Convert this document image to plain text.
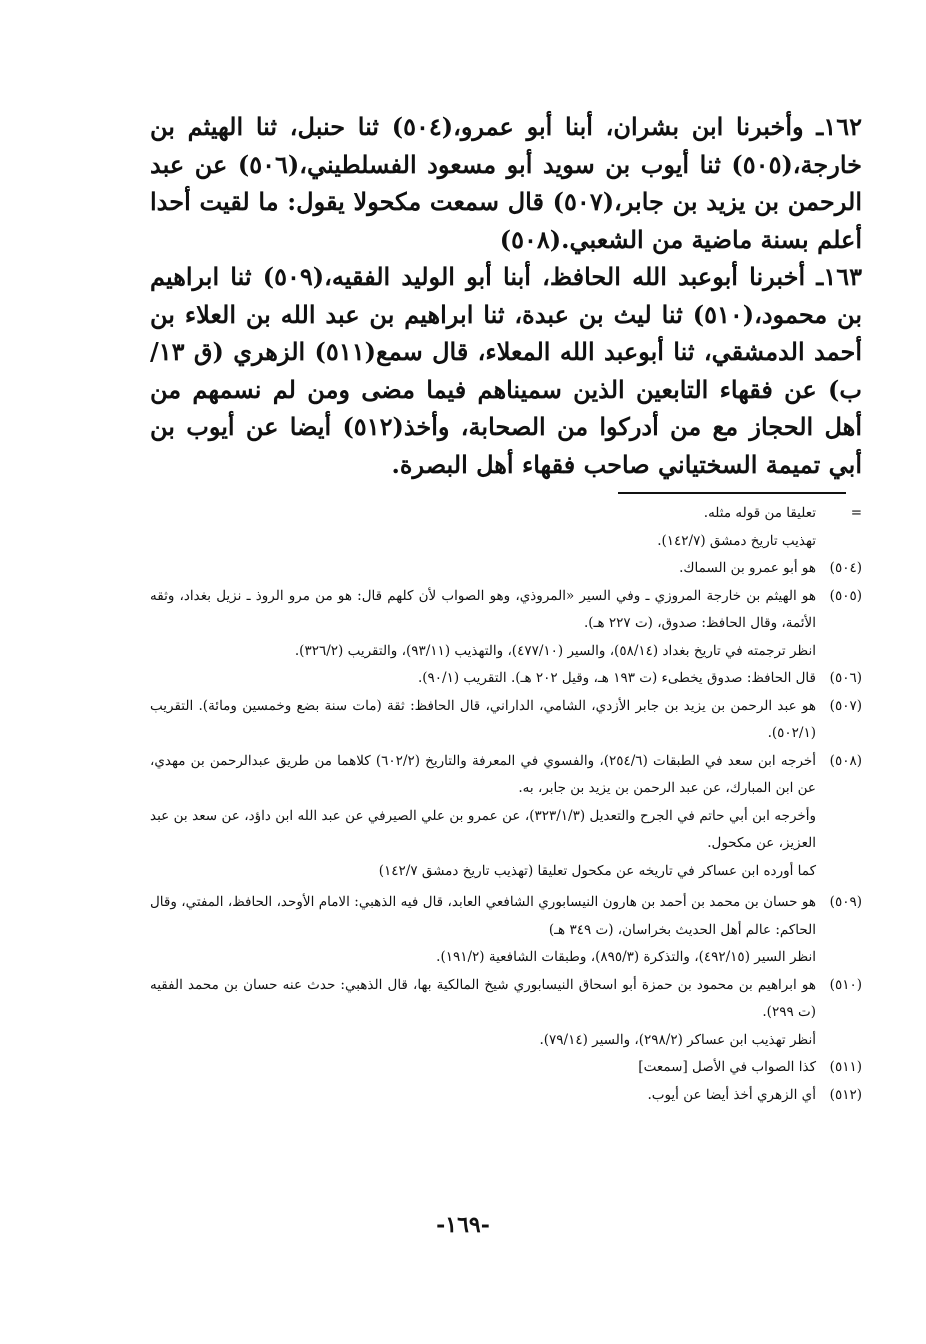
١٦٢ـ وأخبرنا ابن بشران، أبنا أبو عمرو،(٥٠٤) ثنا حنبل، ثنا الهيثم بن خارجة،(٥٠٥) ثنا أيوب بن سويد أبو مسعود الفسلطيني،(٥٠٦) عن عبد الرحمن بن يزيد بن جابر،(٥٠٧) قال سمعت مكحولا يقول: ما لقيت أحدا أعلم بسنة ماضية من الشعبي.(٥٠٨)

١٦٣ـ أخبرنا أبوعبد الله الحافظ، أبنا أبو الوليد الفقيه،(٥٠٩) ثنا ابراهيم بن محمود،(٥١٠) ثنا ليث بن عبدة، ثنا ابراهيم بن عبد الله بن العلاء بن أحمد الدمشقي، ثنا أبوعبد الله المعلاء، قال سمع(٥١١) الزهري (ق ١٣/ ب) عن فقهاء التابعين الذين سميناهم فيما مضى ومن لم نسمهم من أهل الحجاز مع من أدركوا من الصحابة، وأخذ(٥١٢) أيضا عن أيوب بن أبي تميمة السختياني صاحب فقهاء أهل البصرة.

=
تعليقا من قوله مثله.
تهذيب تاريخ دمشق (١٤٢/٧).
(٥٠٤)
هو أبو عمرو بن السماك.
(٥٠٥)
هو الهيثم بن خارجة المروزي ـ وفي السير «المروذي، وهو الصواب لأن كلهم قال: هو من مرو الروذ ـ نزيل بغداد، وثقه الأئمة، وقال الحافظ: صدوق، (ت ٢٢٧ هـ).
انظر ترجمته في تاريخ بغداد (٥٨/١٤)، والسير (٤٧٧/١٠)، والتهذيب (٩٣/١١)، والتقريب (٣٢٦/٢).
(٥٠٦)
قال الحافظ: صدوق يخطىء (ت ١٩٣ هـ، وقيل ٢٠٢ هـ). التقريب (٩٠/١).
(٥٠٧)
هو عبد الرحمن بن يزيد بن جابر الأزدي، الشامي، الداراني، قال الحافظ: ثقة (مات سنة بضع وخمسين ومائة). التقريب (٥٠٢/١).
(٥٠٨)
أخرجه ابن سعد في الطبقات (٢٥٤/٦)، والفسوي في المعرفة والتاريخ (٦٠٢/٢) كلاهما من طريق عبدالرحمن بن مهدي، عن ابن المبارك، عن عبد الرحمن بن يزيد بن جابر، به.
وأخرجه ابن أبي حاتم في الجرح والتعديل (٣٢٣/١/٣)، عن عمرو بن علي الصيرفي عن عبد الله ابن داؤد، عن سعد بن عبد العزيز، عن مكحول.
كما أورده ابن عساكر في تاريخه عن مكحول تعليقا (تهذيب تاريخ دمشق ١٤٢/٧)
(٥٠٩)
هو حسان بن محمد بن أحمد بن هارون النيسابوري الشافعي العابد، قال فيه الذهبي: الامام الأوحد، الحافظ، المفتي، وقال الحاكم: عالم أهل الحديث بخراسان، (ت ٣٤٩ هـ)
انظر السير (٤٩٢/١٥)، والتذكرة (٨٩٥/٣)، وطبقات الشافعية (١٩١/٢).
(٥١٠)
هو ابراهيم بن محمود بن حمزة أبو اسحاق النيسابوري شيخ المالكية بها، قال الذهبي: حدث عنه حسان بن محمد الفقيه (ت ٢٩٩).
أنظر تهذيب ابن عساكر (٢٩٨/٢)، والسير (٧٩/١٤).
(٥١١)
كذا الصواب في الأصل [سمعت]
(٥١٢)
أي الزهري أخذ أيضا عن أيوب.
-١٦٩-
